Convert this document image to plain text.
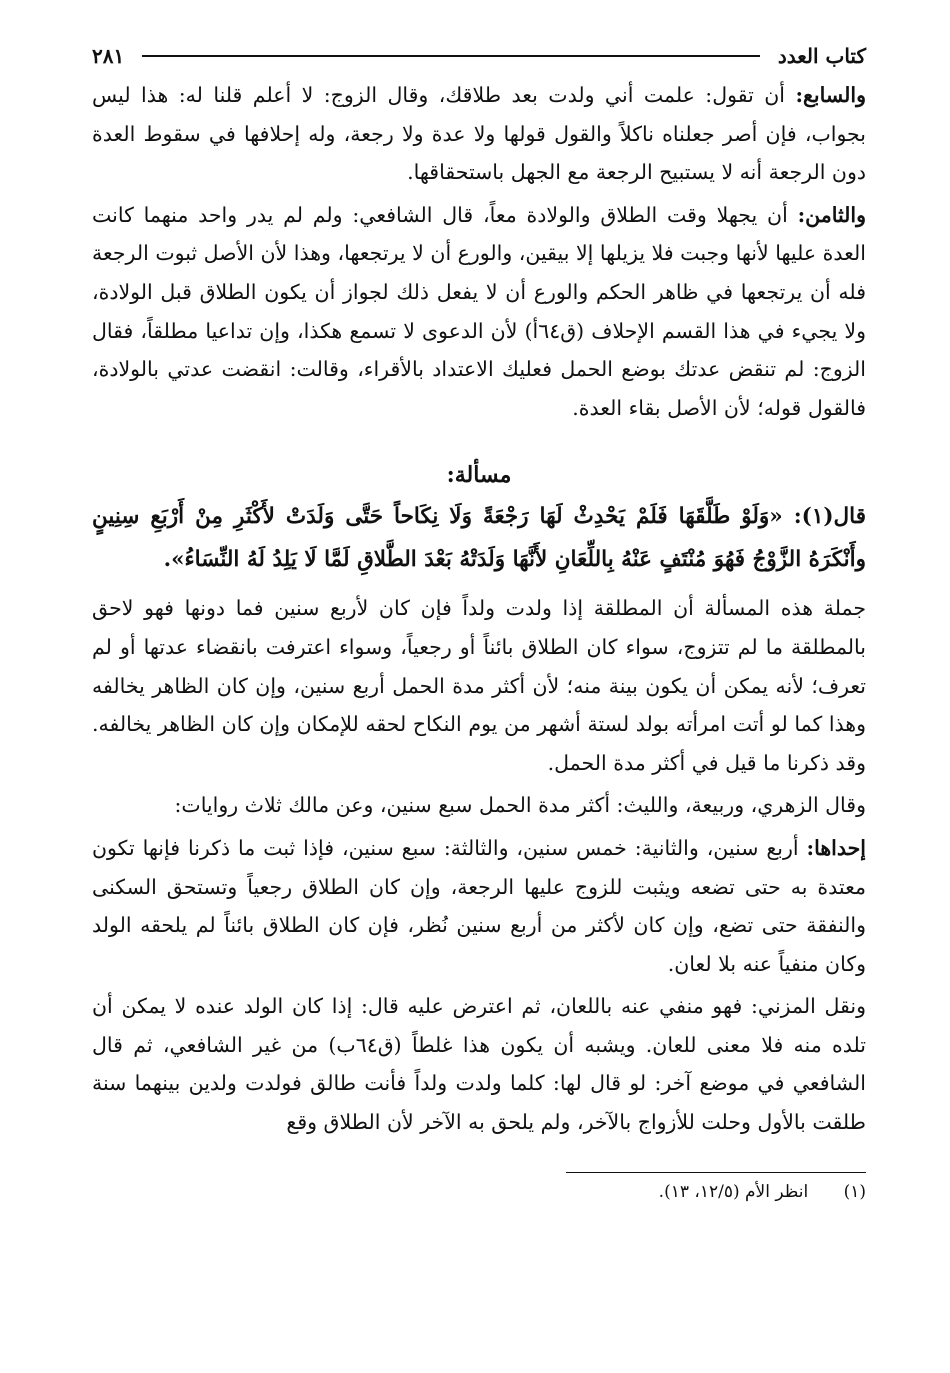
كتاب العدد
٢٨١

والسابع: أن تقول: علمت أني ولدت بعد طلاقك، وقال الزوج: لا أعلم قلنا له: هذا ليس بجواب، فإن أصر جعلناه ناكلاً والقول قولها ولا عدة ولا رجعة، وله إحلافها في سقوط العدة دون الرجعة أنه لا يستبيح الرجعة مع الجهل باستحقاقها.

والثامن: أن يجهلا وقت الطلاق والولادة معاً، قال الشافعي: ولم لم يدر واحد منهما كانت العدة عليها لأنها وجبت فلا يزيلها إلا بيقين، والورع أن لا يرتجعها، وهذا لأن الأصل ثبوت الرجعة فله أن يرتجعها في ظاهر الحكم والورع أن لا يفعل ذلك لجواز أن يكون الطلاق قبل الولادة، ولا يجيء في هذا القسم الإحلاف (ق٦٤أ) لأن الدعوى لا تسمع هكذا، وإن تداعيا مطلقاً، فقال الزوج: لم تنقض عدتك بوضع الحمل فعليك الاعتداد بالأقراء، وقالت: انقضت عدتي بالولادة، فالقول قوله؛ لأن الأصل بقاء العدة.

مسألة:

قال(١): «وَلَوْ طَلَّقَهَا فَلَمْ يَحْدِثْ لَهَا رَجْعَةً وَلَا نِكَاحاً حَتَّى وَلَدَتْ لأَكْثَرِ مِنْ أَرْبَعِ سِنِينٍ وأَنْكَرَهُ الزَّوْجُ فَهُوَ مُنْتَفٍ عَنْهُ بِاللِّعَانِ لأَنَّهَا وَلَدَتْهُ بَعْدَ الطَّلاقِ لَمَّا لَا يَلِدُ لَهُ النِّسَاءُ».

جملة هذه المسألة أن المطلقة إذا ولدت ولداً فإن كان لأربع سنين فما دونها فهو لاحق بالمطلقة ما لم تتزوج، سواء كان الطلاق بائناً أو رجعياً، وسواء اعترفت بانقضاء عدتها أو لم تعرف؛ لأنه يمكن أن يكون بينة منه؛ لأن أكثر مدة الحمل أربع سنين، وإن كان الظاهر يخالفه وهذا كما لو أتت امرأته بولد لستة أشهر من يوم النكاح لحقه للإمكان وإن كان الظاهر يخالفه. وقد ذكرنا ما قيل في أكثر مدة الحمل.

وقال الزهري، وربيعة، والليث: أكثر مدة الحمل سبع سنين، وعن مالك ثلاث روايات:

إحداها: أربع سنين، والثانية: خمس سنين، والثالثة: سبع سنين، فإذا ثبت ما ذكرنا فإنها تكون معتدة به حتى تضعه ويثبت للزوج عليها الرجعة، وإن كان الطلاق رجعياً وتستحق السكنى والنفقة حتى تضع، وإن كان لأكثر من أربع سنين نُظر، فإن كان الطلاق بائناً لم يلحقه الولد وكان منفياً عنه بلا لعان.

ونقل المزني: فهو منفي عنه باللعان، ثم اعترض عليه قال: إذا كان الولد عنده لا يمكن أن تلده منه فلا معنى للعان. ويشبه أن يكون هذا غلطاً (ق٦٤ب) من غير الشافعي، ثم قال الشافعي في موضع آخر: لو قال لها: كلما ولدت ولداً فأنت طالق فولدت ولدين بينهما سنة طلقت بالأول وحلت للأزواج بالآخر، ولم يلحق به الآخر لأن الطلاق وقع

(١) انظر الأم (١٢/٥، ١٣).
